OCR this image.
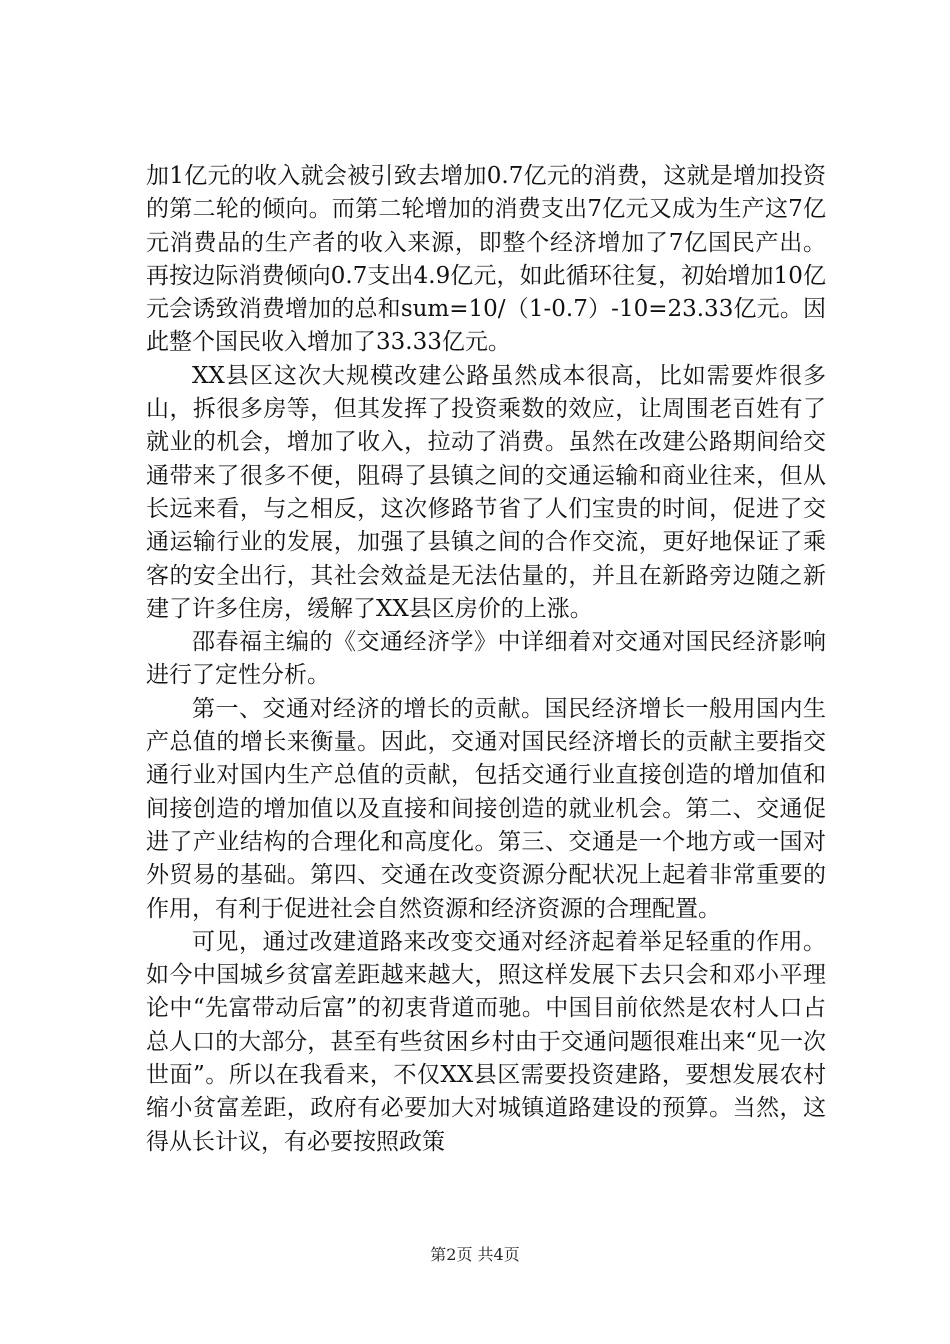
加1亿元的收入就会被引致去增加0.7亿元的消费，这就是增加投资的第二轮的倾向。而第二轮增加的消费支出7亿元又成为生产这7亿元消费品的生产者的收入来源，即整个经济增加了7亿国民产出。再按边际消费倾向0.7支出4.9亿元，如此循环往复，初始增加10亿元会诱致消费增加的总和sum=10/（1-0.7）-10=23.33亿元。因此整个国民收入增加了33.33亿元。

XX县区这次大规模改建公路虽然成本很高，比如需要炸很多山，拆很多房等，但其发挥了投资乘数的效应，让周围老百姓有了就业的机会，增加了收入，拉动了消费。虽然在改建公路期间给交通带来了很多不便，阻碍了县镇之间的交通运输和商业往来，但从长远来看，与之相反，这次修路节省了人们宝贵的时间，促进了交通运输行业的发展，加强了县镇之间的合作交流，更好地保证了乘客的安全出行，其社会效益是无法估量的，并且在新路旁边随之新建了许多住房，缓解了XX县区房价的上涨。

邵春福主编的《交通经济学》中详细着对交通对国民经济影响进行了定性分析。

第一、交通对经济的增长的贡献。国民经济增长一般用国内生产总值的增长来衡量。因此，交通对国民经济增长的贡献主要指交通行业对国内生产总值的贡献，包括交通行业直接创造的增加值和间接创造的增加值以及直接和间接创造的就业机会。第二、交通促进了产业结构的合理化和高度化。第三、交通是一个地方或一国对外贸易的基础。第四、交通在改变资源分配状况上起着非常重要的作用，有利于促进社会自然资源和经济资源的合理配置。

可见，通过改建道路来改变交通对经济起着举足轻重的作用。如今中国城乡贫富差距越来越大，照这样发展下去只会和邓小平理论中“先富带动后富”的初衷背道而驰。中国目前依然是农村人口占总人口的大部分，甚至有些贫困乡村由于交通问题很难出来“见一次世面”。所以在我看来，不仅XX县区需要投资建路，要想发展农村缩小贫富差距，政府有必要加大对城镇道路建设的预算。当然，这得从长计议，有必要按照政策

第2页 共4页
